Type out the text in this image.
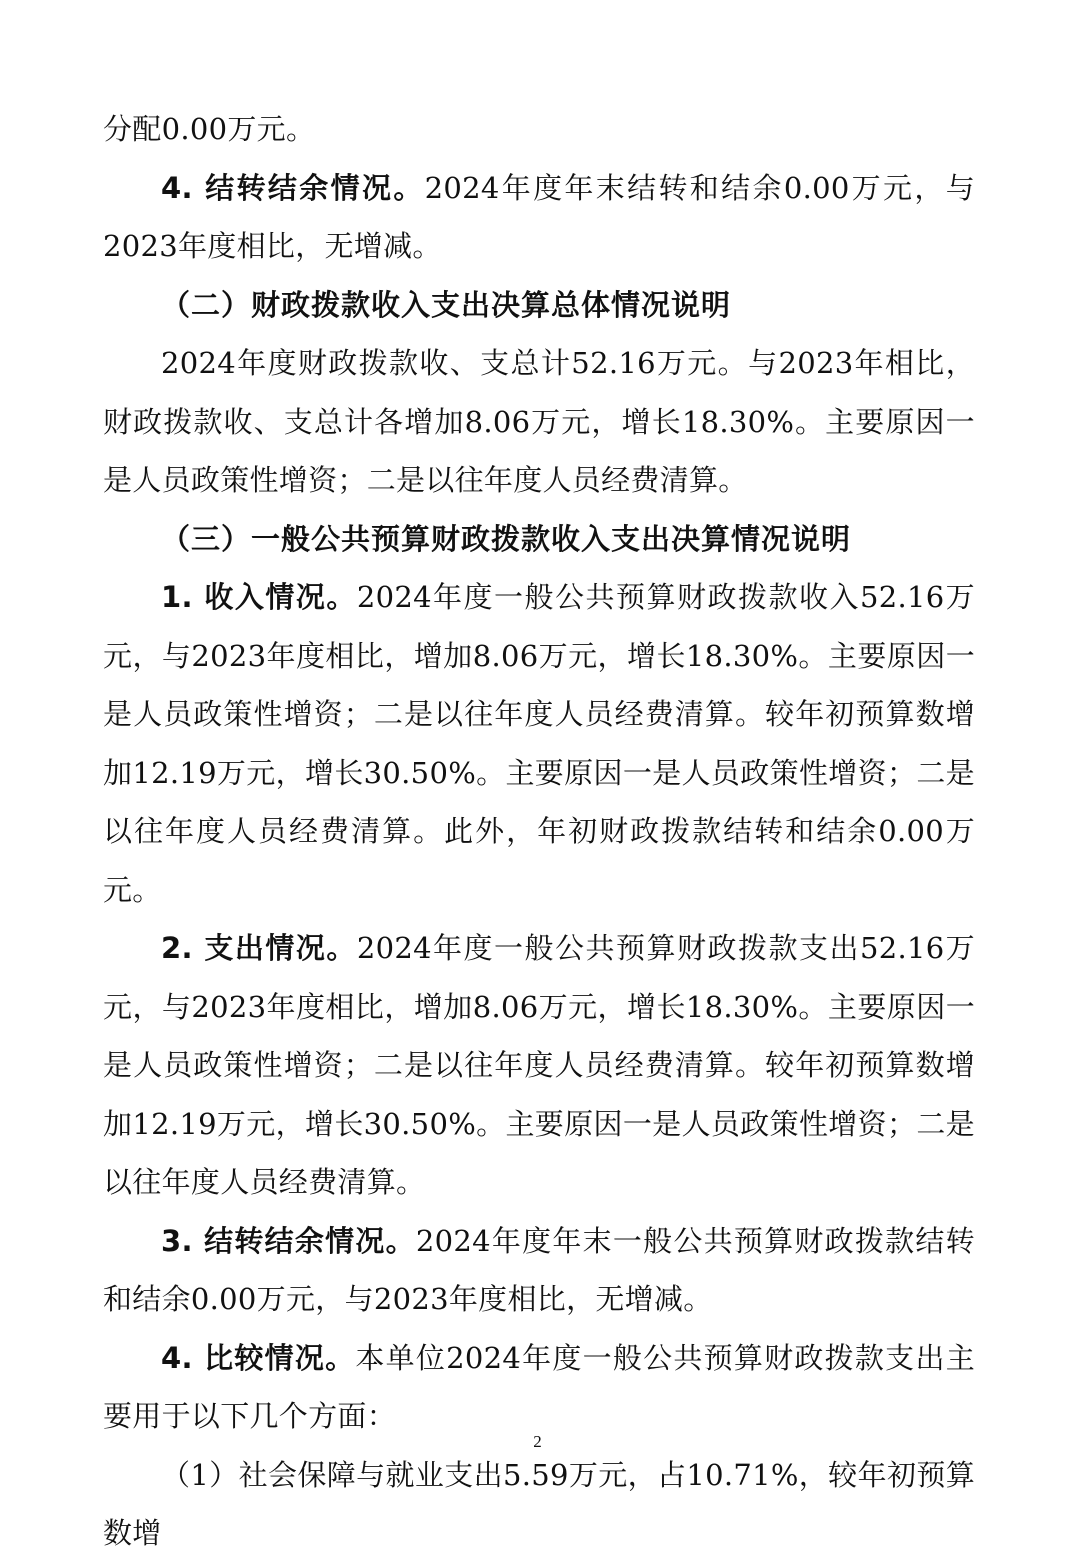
分配0.00万元。

4. 结转结余情况。2024年度年末结转和结余0.00万元，与2023年度相比，无增减。

（二）财政拨款收入支出决算总体情况说明

2024年度财政拨款收、支总计52.16万元。与2023年相比，财政拨款收、支总计各增加8.06万元，增长18.30%。主要原因一是人员政策性增资；二是以往年度人员经费清算。

（三）一般公共预算财政拨款收入支出决算情况说明

1. 收入情况。2024年度一般公共预算财政拨款收入52.16万元，与2023年度相比，增加8.06万元，增长18.30%。主要原因一是人员政策性增资；二是以往年度人员经费清算。较年初预算数增加12.19万元，增长30.50%。主要原因一是人员政策性增资；二是以往年度人员经费清算。此外，年初财政拨款结转和结余0.00万元。

2. 支出情况。2024年度一般公共预算财政拨款支出52.16万元，与2023年度相比，增加8.06万元，增长18.30%。主要原因一是人员政策性增资；二是以往年度人员经费清算。较年初预算数增加12.19万元，增长30.50%。主要原因一是人员政策性增资；二是以往年度人员经费清算。

3. 结转结余情况。2024年度年末一般公共预算财政拨款结转和结余0.00万元，与2023年度相比，无增减。

4. 比较情况。本单位2024年度一般公共预算财政拨款支出主要用于以下几个方面：

（1）社会保障与就业支出5.59万元，占10.71%，较年初预算数增

2
